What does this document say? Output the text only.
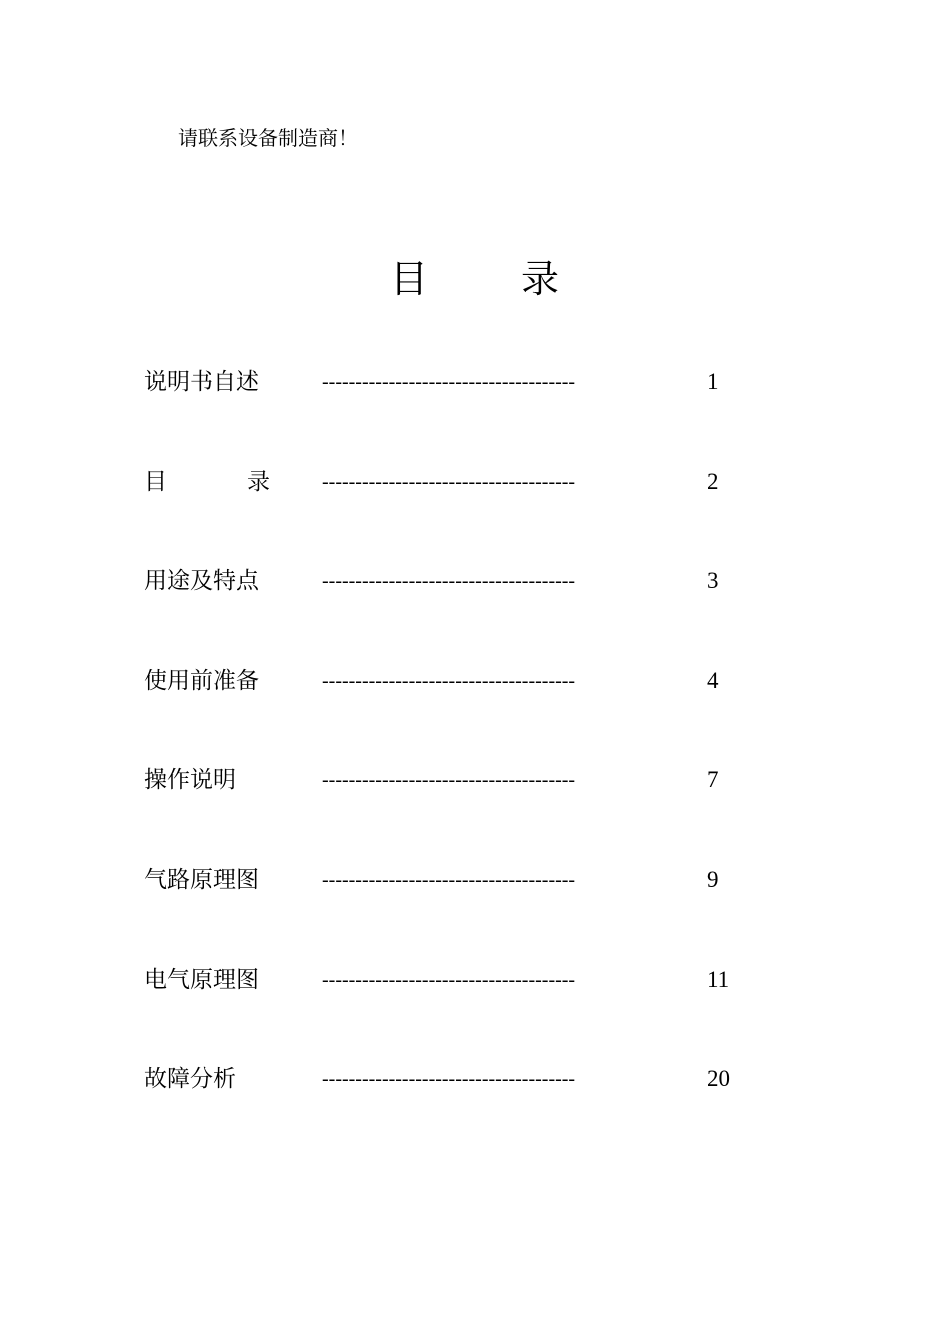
请联系设备制造商！
目	录
说明书自述	--------------------------------------	1
目	录	--------------------------------------	2
用途及特点	--------------------------------------	3
使用前准备	--------------------------------------	4
操作说明	--------------------------------------	7
气路原理图	--------------------------------------	9
电气原理图	--------------------------------------	11
故障分析	--------------------------------------	20
